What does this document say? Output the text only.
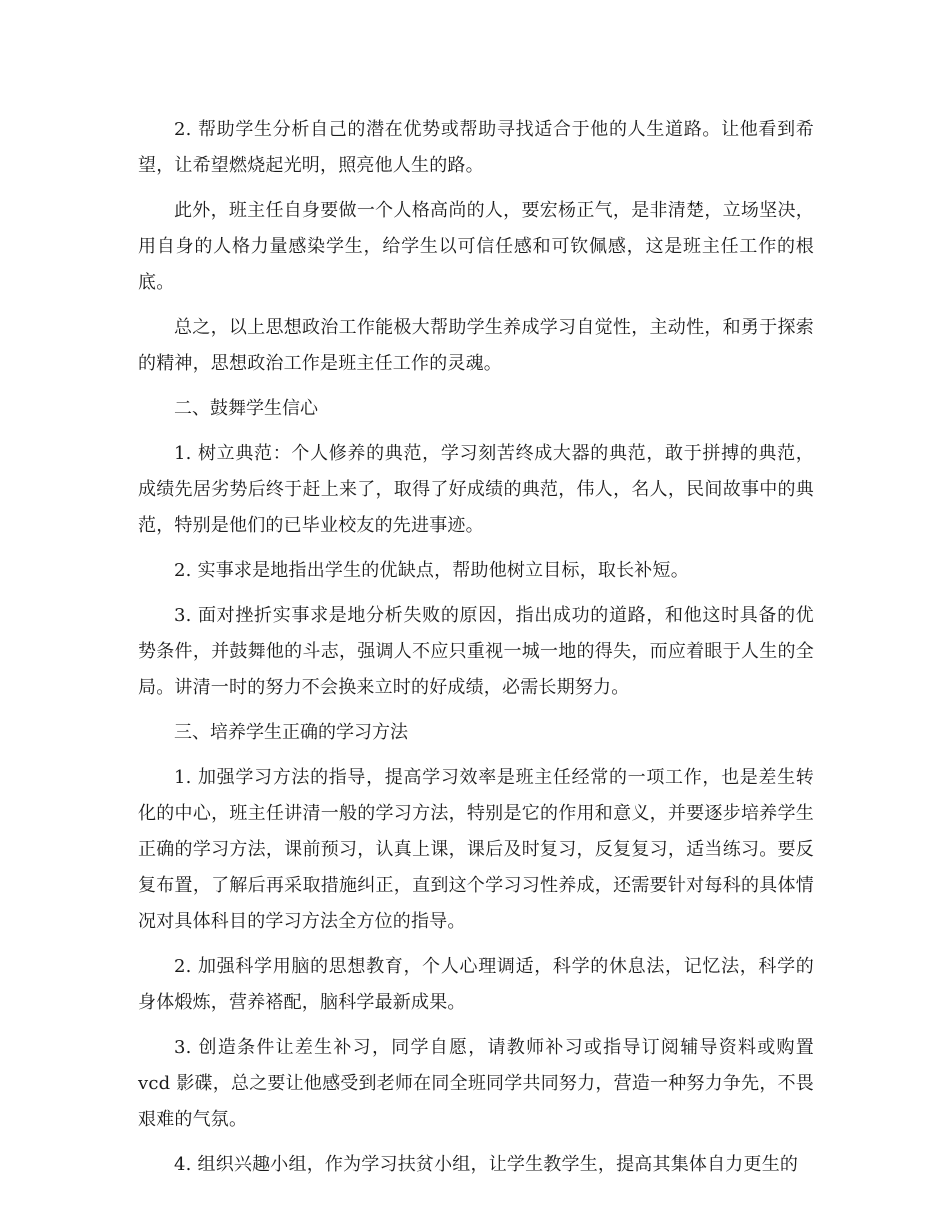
2. 帮助学生分析自己的潜在优势或帮助寻找适合于他的人生道路。让他看到希望，让希望燃烧起光明，照亮他人生的路。

此外，班主任自身要做一个人格高尚的人，要宏杨正气，是非清楚，立场坚决，用自身的人格力量感染学生，给学生以可信任感和可钦佩感，这是班主任工作的根底。

总之，以上思想政治工作能极大帮助学生养成学习自觉性，主动性，和勇于探索的精神，思想政治工作是班主任工作的灵魂。

二、鼓舞学生信心

1. 树立典范：个人修养的典范，学习刻苦终成大器的典范，敢于拼搏的典范，成绩先居劣势后终于赶上来了，取得了好成绩的典范，伟人，名人，民间故事中的典范，特别是他们的已毕业校友的先进事迹。

2. 实事求是地指出学生的优缺点，帮助他树立目标，取长补短。

3. 面对挫折实事求是地分析失败的原因，指出成功的道路，和他这时具备的优势条件，并鼓舞他的斗志，强调人不应只重视一城一地的得失，而应着眼于人生的全局。讲清一时的努力不会换来立时的好成绩，必需长期努力。

三、培养学生正确的学习方法

1. 加强学习方法的指导，提高学习效率是班主任经常的一项工作，也是差生转化的中心，班主任讲清一般的学习方法，特别是它的作用和意义，并要逐步培养学生正确的学习方法，课前预习，认真上课，课后及时复习，反复复习，适当练习。要反复布置，了解后再采取措施纠正，直到这个学习习性养成，还需要针对每科的具体情况对具体科目的学习方法全方位的指导。

2. 加强科学用脑的思想教育，个人心理调适，科学的休息法，记忆法，科学的身体煅炼，营养褡配，脑科学最新成果。

3. 创造条件让差生补习，同学自愿，请教师补习或指导订阅辅导资料或购置 vcd 影碟，总之要让他感受到老师在同全班同学共同努力，营造一种努力争先，不畏艰难的气氛。

4. 组织兴趣小组，作为学习扶贫小组，让学生教学生，提高其集体自力更生的
